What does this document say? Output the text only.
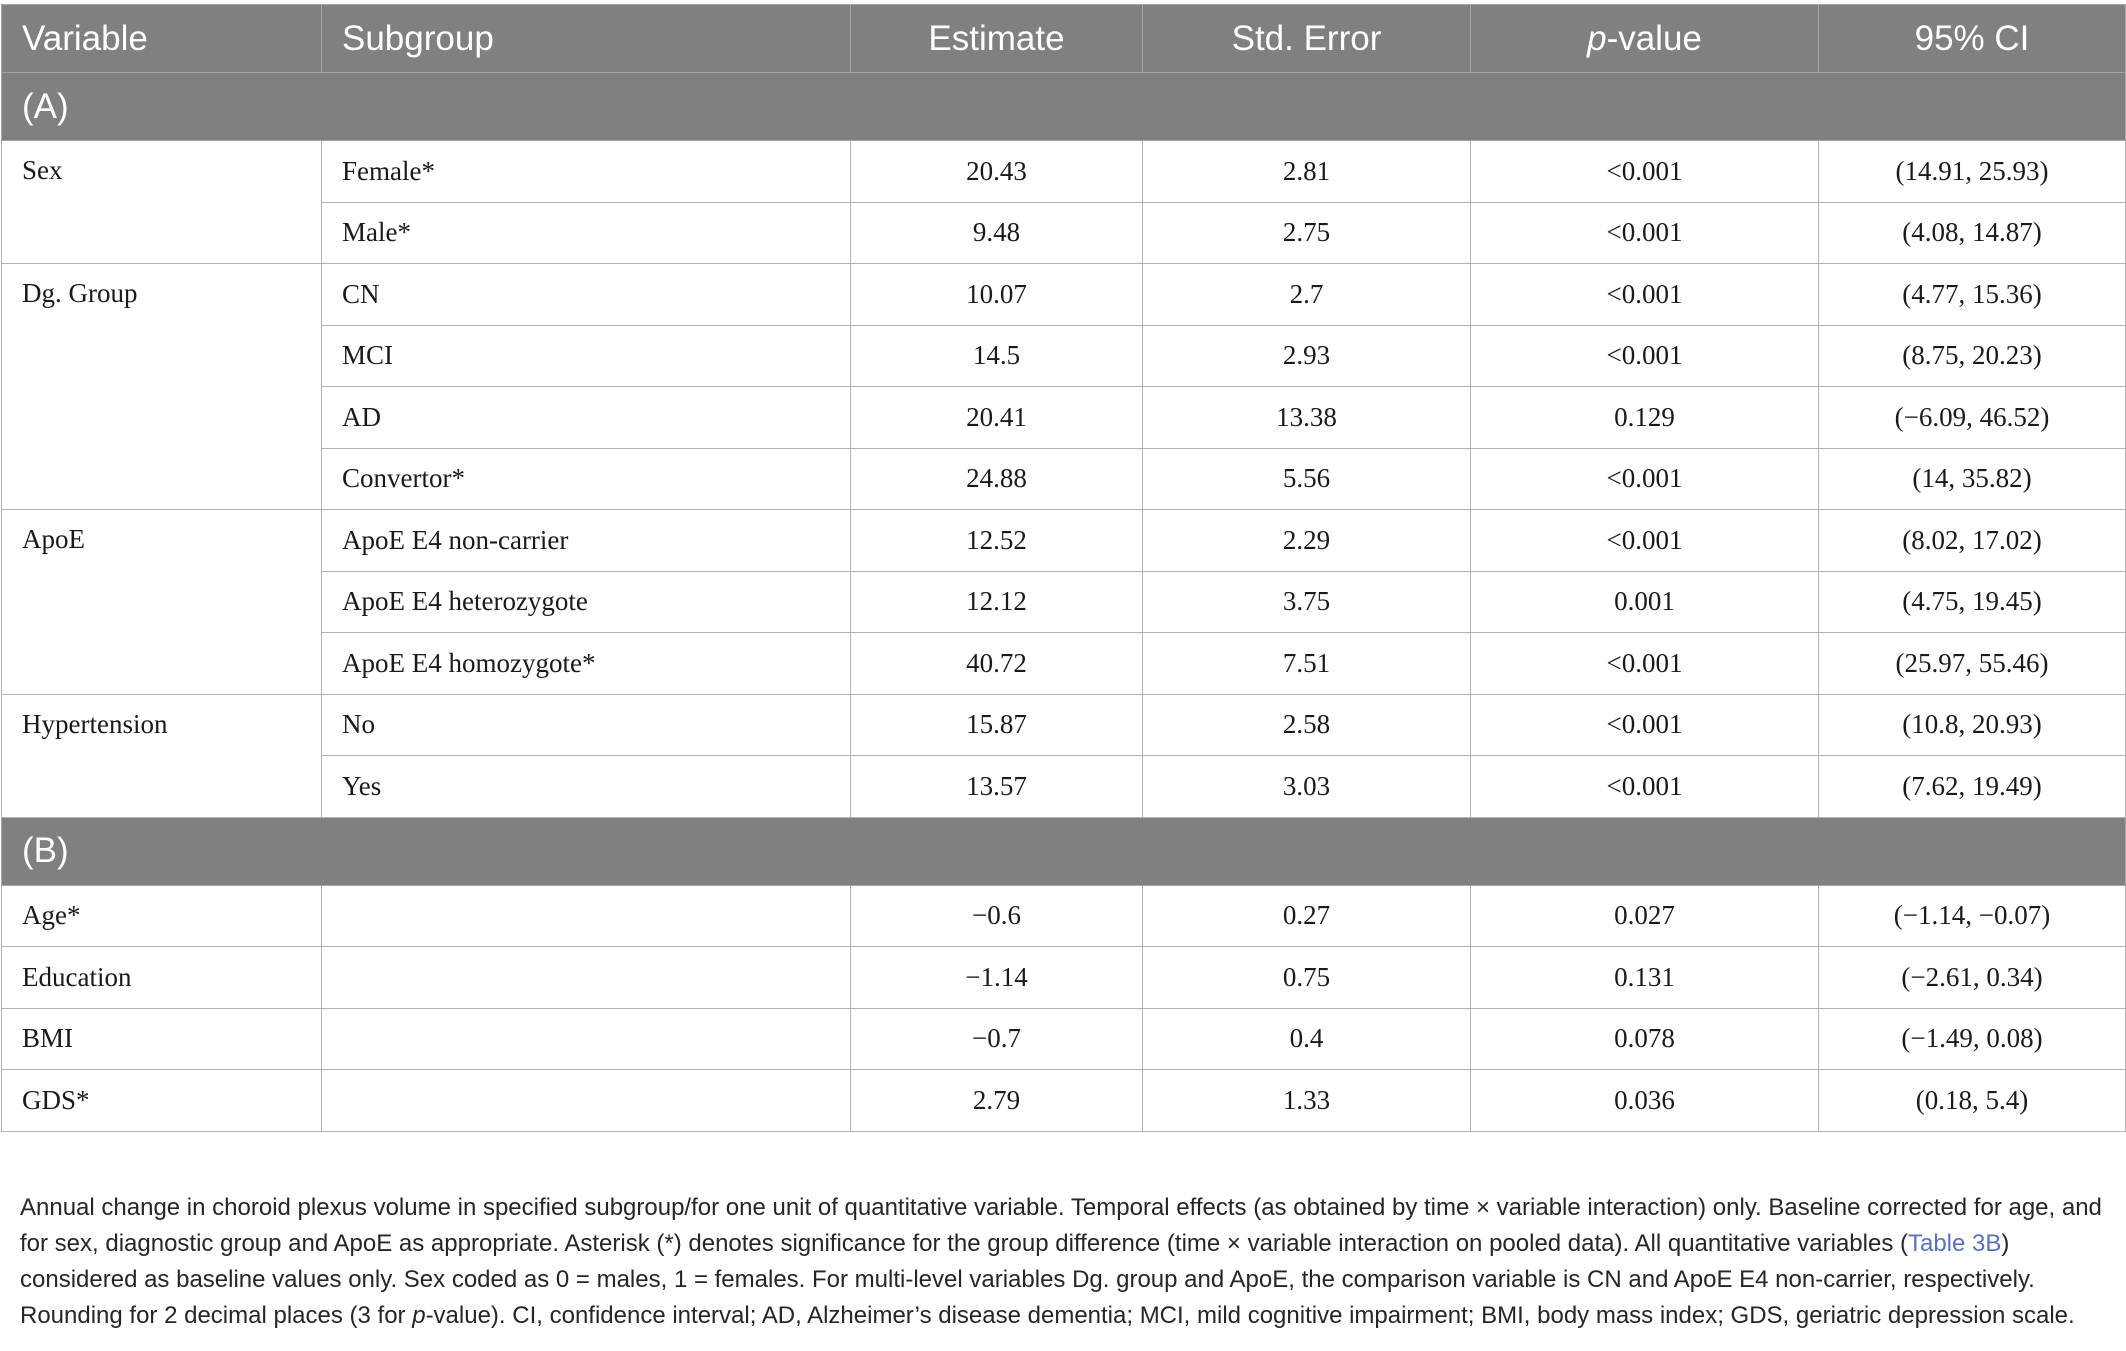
Variable	Subgroup	Estimate	Std. Error	p-value	95% CI
(A)					
Sex	Female*	20.43	2.81	<0.001	(14.91, 25.93)
	Male*	9.48	2.75	<0.001	(4.08, 14.87)
Dg. Group	CN	10.07	2.7	<0.001	(4.77, 15.36)
	MCI	14.5	2.93	<0.001	(8.75, 20.23)
	AD	20.41	13.38	0.129	(−6.09, 46.52)
	Convertor*	24.88	5.56	<0.001	(14, 35.82)
ApoE	ApoE E4 non-carrier	12.52	2.29	<0.001	(8.02, 17.02)
	ApoE E4 heterozygote	12.12	3.75	0.001	(4.75, 19.45)
	ApoE E4 homozygote*	40.72	7.51	<0.001	(25.97, 55.46)
Hypertension	No	15.87	2.58	<0.001	(10.8, 20.93)
	Yes	13.57	3.03	<0.001	(7.62, 19.49)
(B)					
Age*		−0.6	0.27	0.027	(−1.14, −0.07)
Education		−1.14	0.75	0.131	(−2.61, 0.34)
BMI		−0.7	0.4	0.078	(−1.49, 0.08)
GDS*		2.79	1.33	0.036	(0.18, 5.4)
Annual change in choroid plexus volume in specified subgroup/for one unit of quantitative variable. Temporal effects (as obtained by time × variable interaction) only. Baseline corrected for age, and for sex, diagnostic group and ApoE as appropriate. Asterisk (*) denotes significance for the group difference (time × variable interaction on pooled data). All quantitative variables (Table 3B) considered as baseline values only. Sex coded as 0 = males, 1 = females. For multi-level variables Dg. group and ApoE, the comparison variable is CN and ApoE E4 non-carrier, respectively. Rounding for 2 decimal places (3 for p-value). CI, confidence interval; AD, Alzheimer’s disease dementia; MCI, mild cognitive impairment; BMI, body mass index; GDS, geriatric depression scale.
